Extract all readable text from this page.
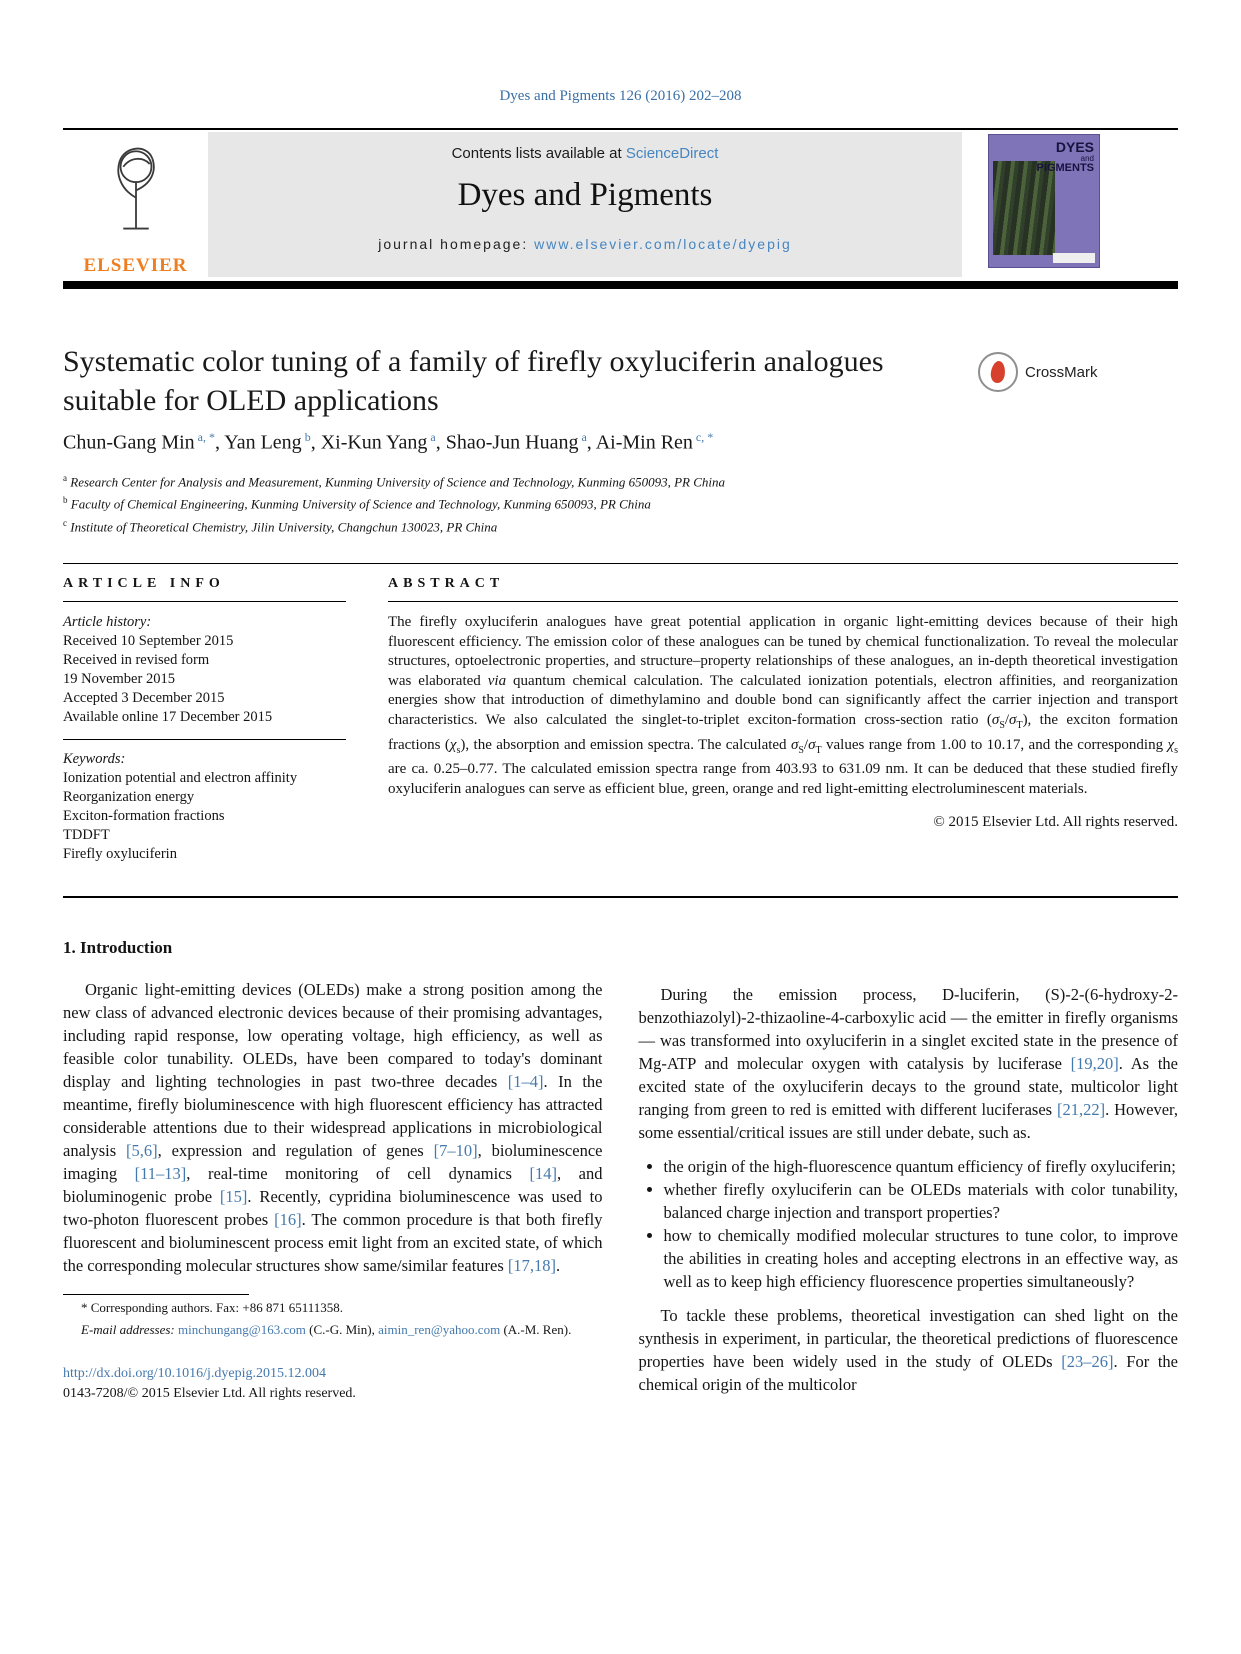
Dyes and Pigments 126 (2016) 202–208
ELSEVIER
Contents lists available at ScienceDirect
Dyes and Pigments
journal homepage: www.elsevier.com/locate/dyepig
DYES
and
PIGMENTS
Systematic color tuning of a family of firefly oxyluciferin analogues suitable for OLED applications
CrossMark
Chun-Gang Min $^{a, *}$, Yan Leng $^b$, Xi-Kun Yang $^a$, Shao-Jun Huang $^a$, Ai-Min Ren $^{c, *}$
$^a$ Research Center for Analysis and Measurement, Kunming University of Science and Technology, Kunming 650093, PR China
$^b$ Faculty of Chemical Engineering, Kunming University of Science and Technology, Kunming 650093, PR China
$^c$ Institute of Theoretical Chemistry, Jilin University, Changchun 130023, PR China
ARTICLE INFO
Article history:
Received 10 September 2015
Received in revised form
19 November 2015
Accepted 3 December 2015
Available online 17 December 2015
Keywords:
Ionization potential and electron affinity
Reorganization energy
Exciton-formation fractions
TDDFT
Firefly oxyluciferin
ABSTRACT

The firefly oxyluciferin analogues have great potential application in organic light-emitting devices because of their high fluorescent efficiency. The emission color of these analogues can be tuned by chemical functionalization. To reveal the molecular structures, optoelectronic properties, and structure–property relationships of these analogues, an in-depth theoretical investigation was elaborated via quantum chemical calculation. The calculated ionization potentials, electron affinities, and reorganization energies show that introduction of dimethylamino and double bond can significantly affect the carrier injection and transport characteristics. We also calculated the singlet-to-triplet exciton-formation cross-section ratio $(\sigma_S/\sigma_T)$, the exciton formation fractions $(\chi_s)$, the absorption and emission spectra. The calculated $\sigma_S/\sigma_T$ values range from 1.00 to 10.17, and the corresponding $\chi_s$ are ca. 0.25–0.77. The calculated emission spectra range from 403.93 to 631.09 nm. It can be deduced that these studied firefly oxyluciferin analogues can serve as efficient blue, green, orange and red light-emitting electroluminescent materials.

© 2015 Elsevier Ltd. All rights reserved.
1. Introduction

Organic light-emitting devices (OLEDs) make a strong position among the new class of advanced electronic devices because of their promising advantages, including rapid response, low operating voltage, high efficiency, as well as feasible color tunability. OLEDs, have been compared to today's dominant display and lighting technologies in past two-three decades [1–4]. In the meantime, firefly bioluminescence with high fluorescent efficiency has attracted considerable attentions due to their widespread applications in microbiological analysis [5,6], expression and regulation of genes [7–10], bioluminescence imaging [11–13], real-time monitoring of cell dynamics [14], and bioluminogenic probe [15]. Recently, cypridina bioluminescence was used to two-photon fluorescent probes [16]. The common procedure is that both firefly fluorescent and bioluminescent process emit light from an excited state, of which the corresponding molecular structures show same/similar features [17,18].

* Corresponding authors. Fax: +86 871 65111358.

E-mail addresses: minchungang@163.com (C.-G. Min), aimin_ren@yahoo.com (A.-M. Ren).

http://dx.doi.org/10.1016/j.dyepig.2015.12.004
0143-7208/© 2015 Elsevier Ltd. All rights reserved.

During the emission process, D-luciferin, (S)-2-(6-hydroxy-2-benzothiazolyl)-2-thizaoline-4-carboxylic acid — the emitter in firefly organisms — was transformed into oxyluciferin in a singlet excited state in the presence of Mg-ATP and molecular oxygen with catalysis by luciferase [19,20]. As the excited state of the oxyluciferin decays to the ground state, multicolor light ranging from green to red is emitted with different luciferases [21,22]. However, some essential/critical issues are still under debate, such as.

• the origin of the high-fluorescence quantum efficiency of firefly oxyluciferin;
• whether firefly oxyluciferin can be OLEDs materials with color tunability, balanced charge injection and transport properties?
• how to chemically modified molecular structures to tune color, to improve the abilities in creating holes and accepting electrons in an effective way, as well as to keep high efficiency fluorescence properties simultaneously?

To tackle these problems, theoretical investigation can shed light on the synthesis in experiment, in particular, the theoretical predictions of fluorescence properties have been widely used in the study of OLEDs [23–26]. For the chemical origin of the multicolor
